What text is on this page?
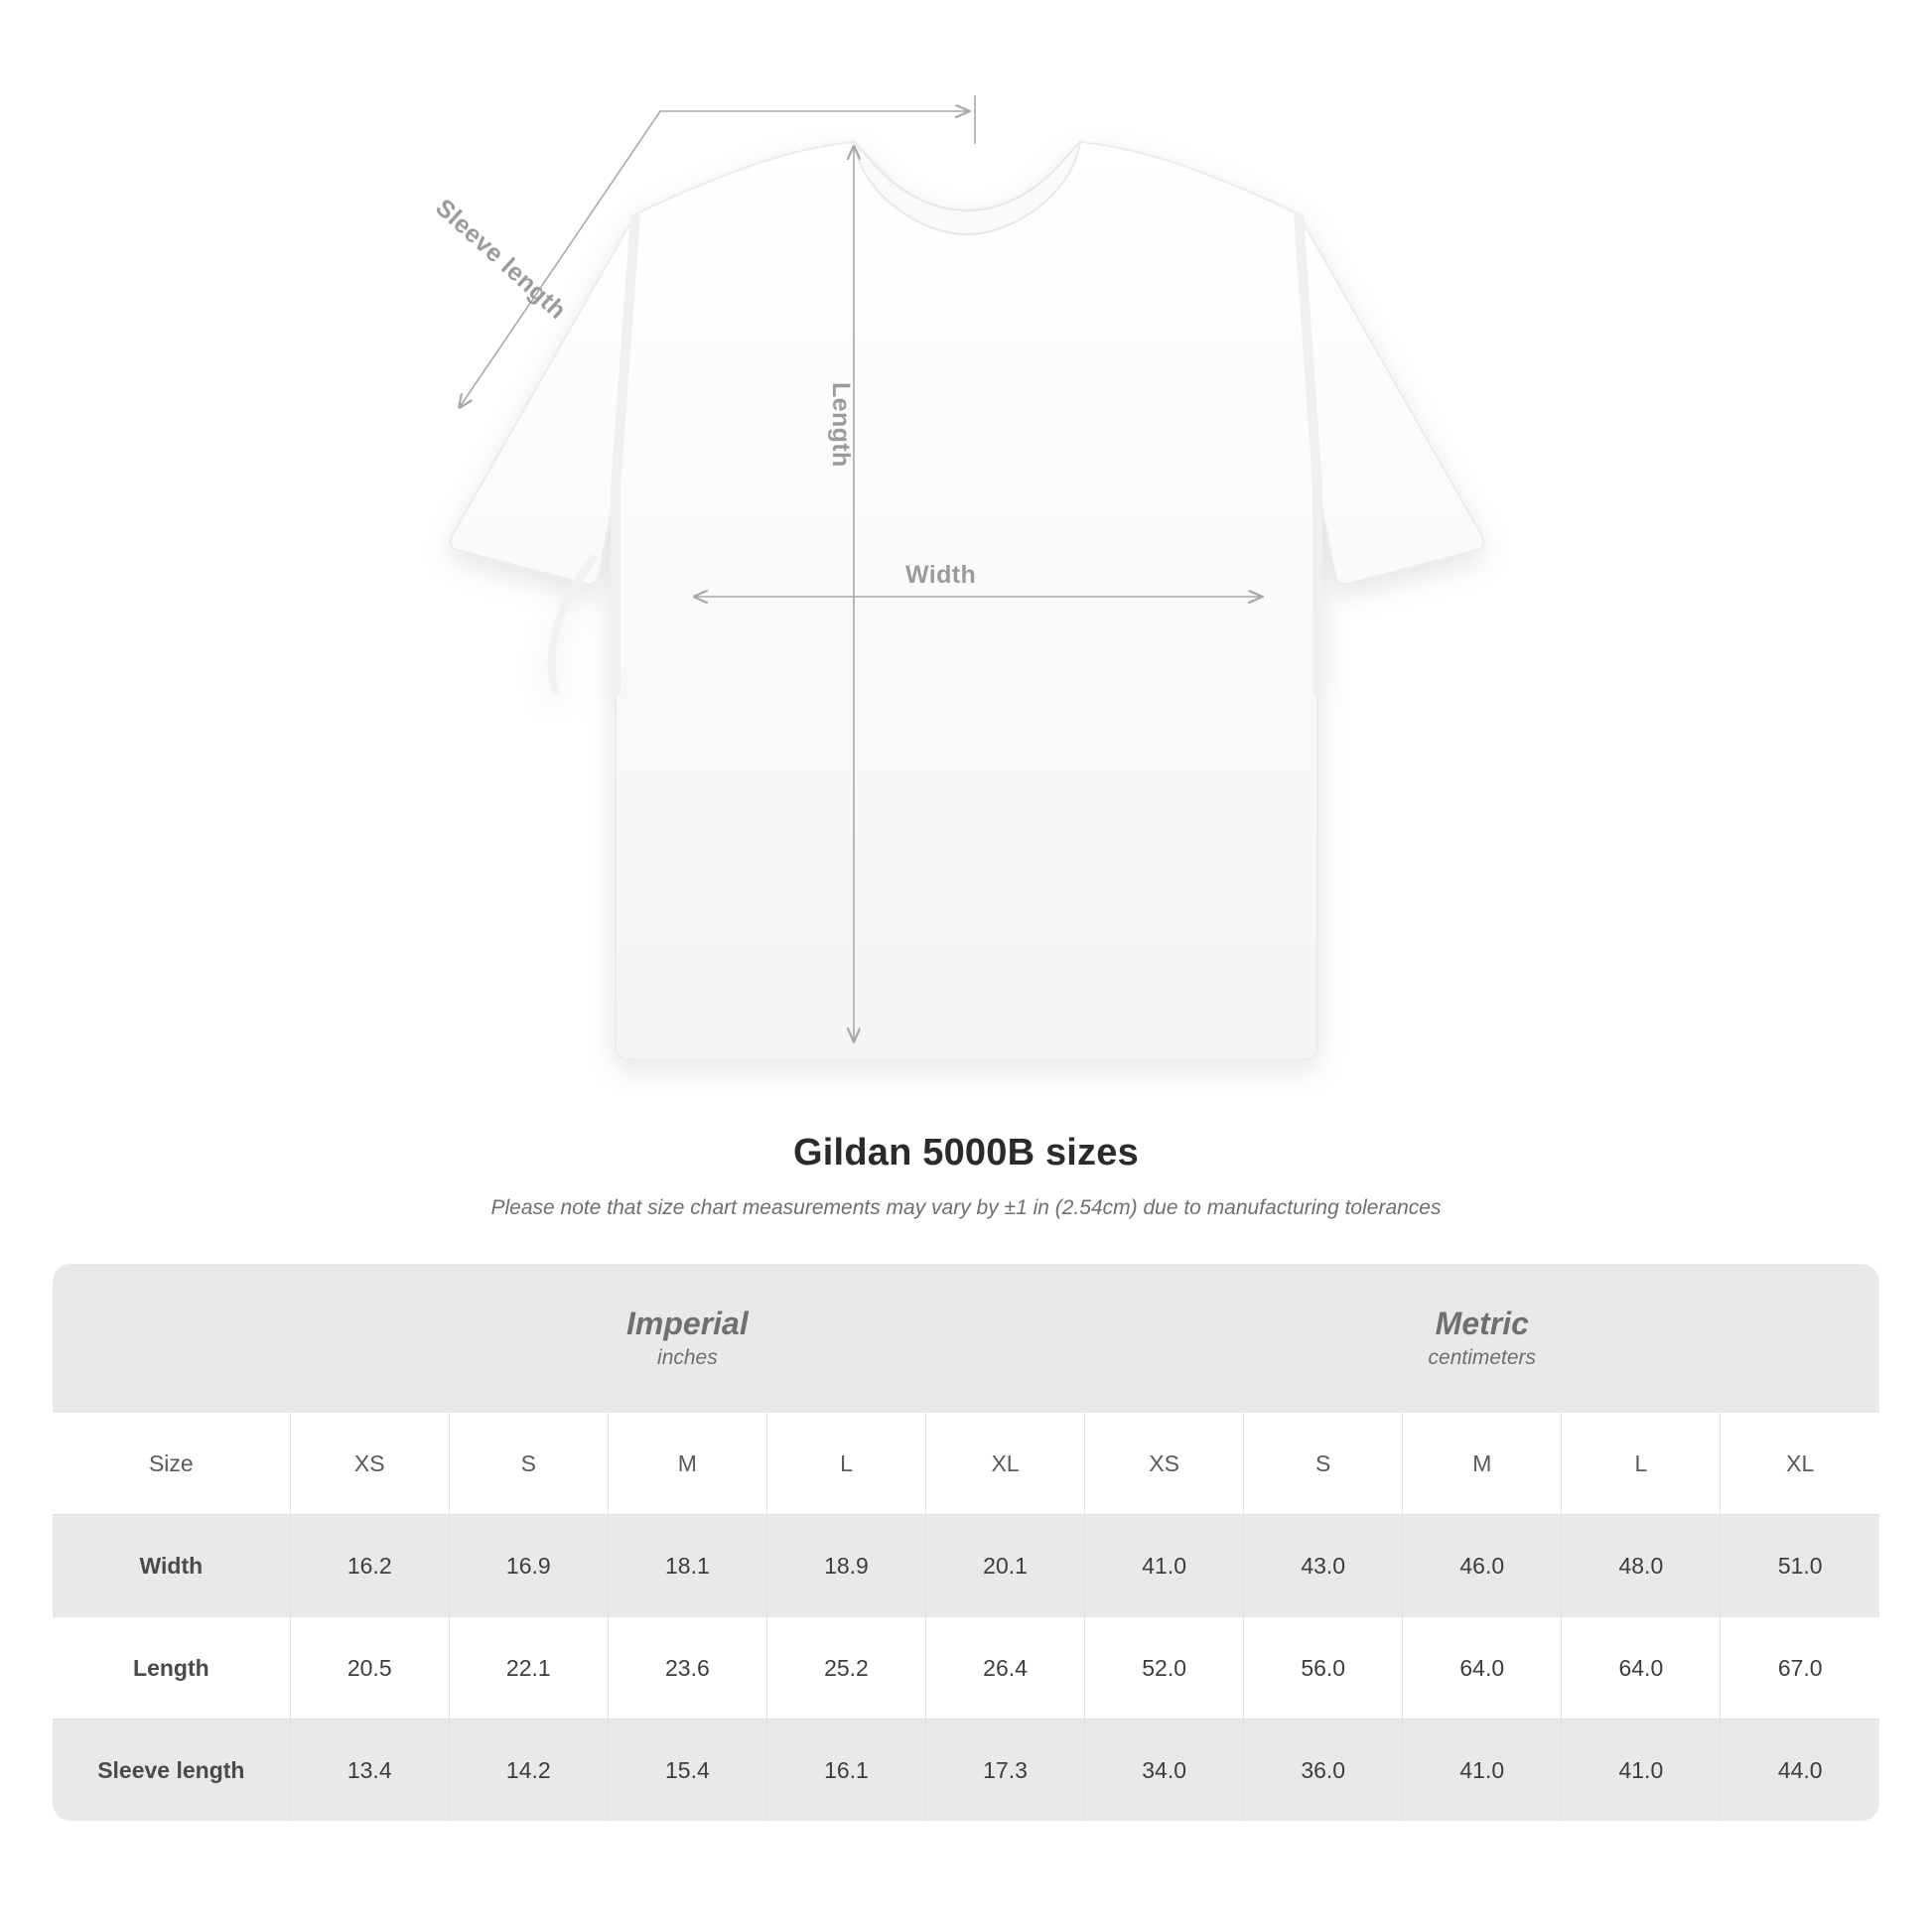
Width
Length
Sleeve length
Gildan 5000B sizes

Please note that size chart measurements may vary by ±1 in (2.54cm) due to manufacturing tolerances

Imperial
inches

Metric
centimeters

Size	XS	S	M	L	XL	XS	S	M	L	XL
Width	16.2	16.9	18.1	18.9	20.1	41.0	43.0	46.0	48.0	51.0
Length	20.5	22.1	23.6	25.2	26.4	52.0	56.0	64.0	64.0	67.0
Sleeve length	13.4	14.2	15.4	16.1	17.3	34.0	36.0	41.0	41.0	44.0
